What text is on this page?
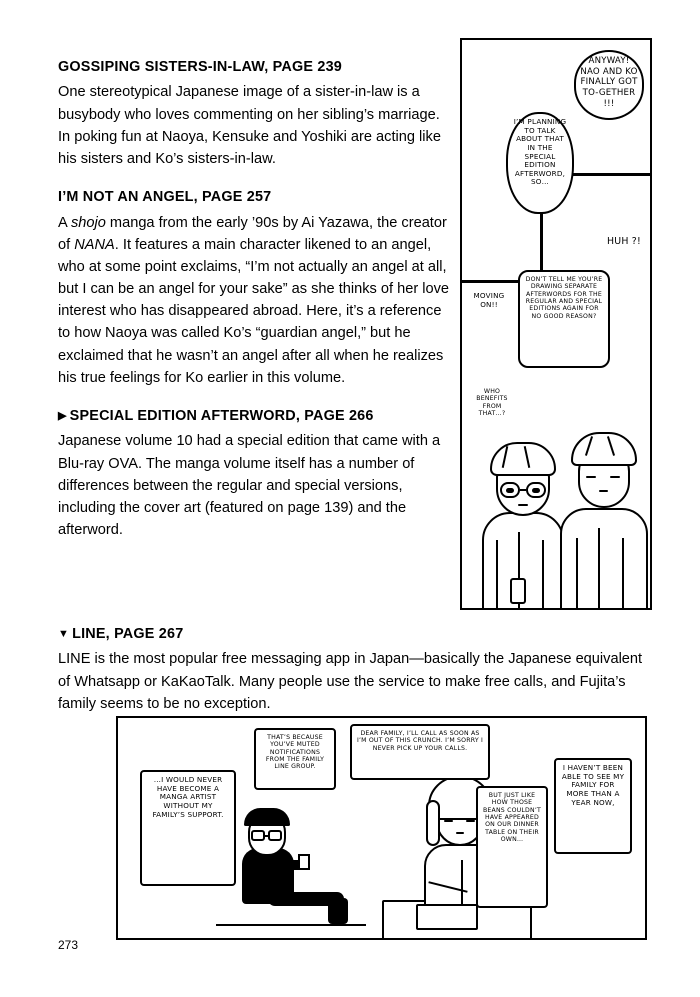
GOSSIPING SISTERS-IN-LAW, PAGE 239

One stereotypical Japanese image of a sister-in-law is a busybody who loves commenting on her sibling’s marriage. In poking fun at Naoya, Kensuke and Yoshiki are acting like his sisters and Ko’s sisters-in-law.

I’M NOT AN ANGEL, PAGE 257

A shojo manga from the early ’90s by Ai Yazawa, the creator of NANA. It features a main character likened to an angel, who at some point exclaims, “I’m not actually an angel at all, but I can be an angel for your sake” as she thinks of her love interest who has disappeared abroad. Here, it’s a reference to how Naoya was called Ko’s “guardian angel,” but he exclaimed that he wasn’t an angel after all when he realizes his true feelings for Ko earlier in this volume.

▶ SPECIAL EDITION AFTERWORD, PAGE 266

Japanese volume 10 had a special edition that came with a Blu-ray OVA. The manga volume itself has a number of differences between the regular and special versions, including the cover art (featured on page 139) and the afterword.

▼ LINE, PAGE 267

LINE is the most popular free messaging app in Japan—basically the Japanese equivalent of Whatsapp or KaKaoTalk. Many people use the service to make free calls, and Fujita’s family seems to be no exception.

ANYWAY! NAO AND KO FINALLY GOT TO-GETHER !!!
I’M PLANNING TO TALK ABOUT THAT IN THE SPECIAL EDITION AFTERWORD, SO…
HUH ?!
MOVING ON!!
DON’T TELL ME YOU’RE DRAWING SEPARATE AFTERWORDS FOR THE REGULAR AND SPECIAL EDITIONS AGAIN FOR NO GOOD REASON?
WHO BENEFITS FROM THAT…?
…I WOULD NEVER HAVE BECOME A MANGA ARTIST WITHOUT MY FAMILY’S SUPPORT.
THAT’S BECAUSE YOU’VE MUTED NOTIFICATIONS FROM THE FAMILY LINE GROUP.
DEAR FAMILY, I’LL CALL AS SOON AS I’M OUT OF THIS CRUNCH. I’M SORRY I NEVER PICK UP YOUR CALLS.
BUT JUST LIKE HOW THOSE BEANS COULDN’T HAVE APPEARED ON OUR DINNER TABLE ON THEIR OWN…
I HAVEN’T BEEN ABLE TO SEE MY FAMILY FOR MORE THAN A YEAR NOW,
273
